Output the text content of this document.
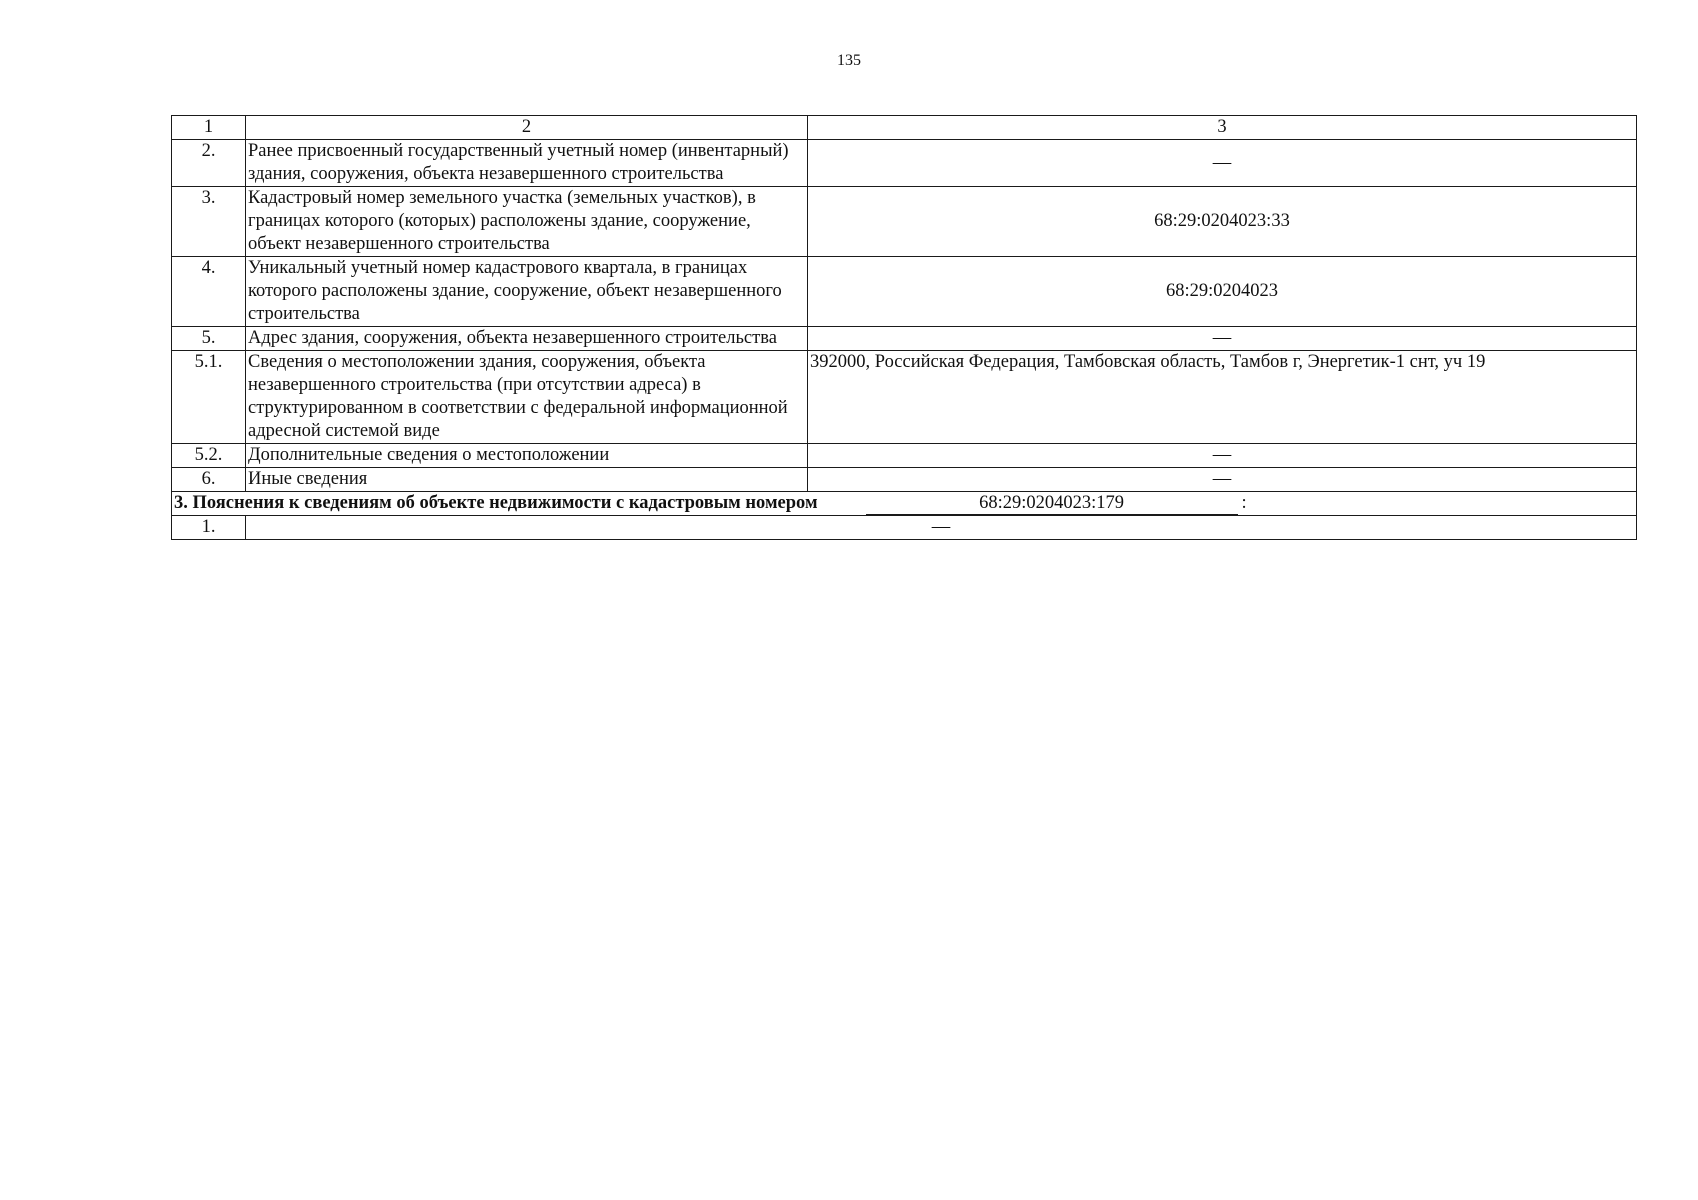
135
1	2	3
2.	Ранее присвоенный государственный учетный номер (инвентарный) здания, сооружения, объекта незавершенного строительства	—
3.	Кадастровый номер земельного участка (земельных участков), в границах которого (которых) расположены здание, сооружение, объект незавершенного строительства	68:29:0204023:33
4.	Уникальный учетный номер кадастрового квартала, в границах которого расположены здание, сооружение, объект незавершенного строительства	68:29:0204023
5.	Адрес здания, сооружения, объекта незавершенного строительства	—
5.1.	Сведения о местоположении здания, сооружения, объекта незавершенного строительства (при отсутствии адреса) в структурированном в соответствии с федеральной информационной адресной системой виде	392000, Российская Федерация, Тамбовская область, Тамбов г, Энергетик-1 снт, уч 19
5.2.	Дополнительные сведения о местоположении	—
6.	Иные сведения	—
3. Пояснения к сведениям об объекте недвижимости с кадастровым номером 68:29:0204023:179 :		
1.	—	
